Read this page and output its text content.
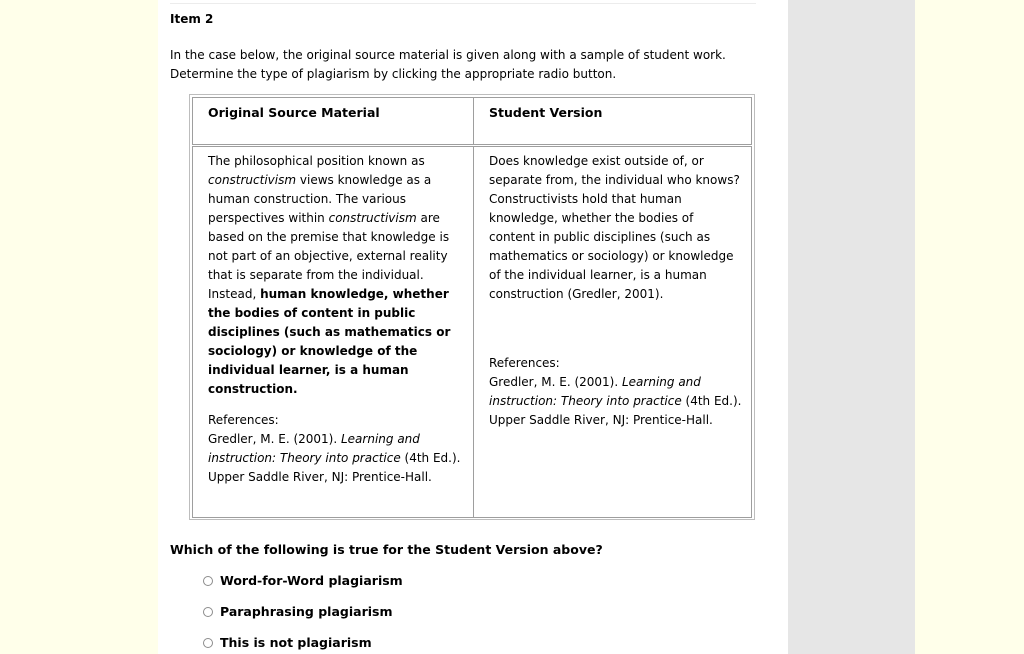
Item 2
In the case below, the original source material is given along with a sample of student work. Determine the type of plagiarism by clicking the appropriate radio button.
Original Source Material	Student Version

The philosophical position known as constructivism views knowledge as a human construction. The various perspectives within constructivism are based on the premise that knowledge is not part of an objective, external reality that is separate from the individual. Instead, human knowledge, whether the bodies of content in public disciplines (such as mathematics or sociology) or knowledge of the individual learner, is a human construction.

References:
Gredler, M. E. (2001). Learning and instruction: Theory into practice (4th Ed.). Upper Saddle River, NJ: Prentice-Hall.

Does knowledge exist outside of, or separate from, the individual who knows? Constructivists hold that human knowledge, whether the bodies of content in public disciplines (such as mathematics or sociology) or knowledge of the individual learner, is a human construction (Gredler, 2001).

References:
Gredler, M. E. (2001). Learning and instruction: Theory into practice (4th Ed.). Upper Saddle River, NJ: Prentice-Hall.

Which of the following is true for the Student Version above?
Word-for-Word plagiarism
Paraphrasing plagiarism
This is not plagiarism
